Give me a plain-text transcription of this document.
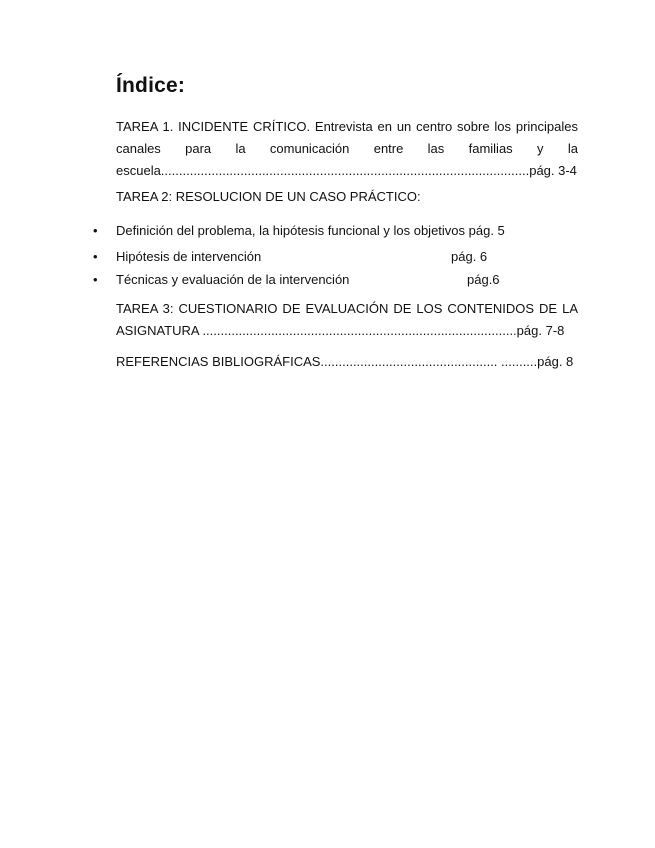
Índice:
TAREA 1. INCIDENTE CRÍTICO. Entrevista en un centro sobre los principales
canales para la comunicación entre las familias y la
escuela......................................................................................................pág. 3-4
TAREA 2: RESOLUCION DE UN CASO PRÁCTICO:
• Definición del problema, la hipótesis funcional y los objetivos pág. 5
• Hipótesis de intervención	pág. 6
• Técnicas y evaluación de la intervención	pág.6
TAREA 3: CUESTIONARIO DE EVALUACIÓN DE LOS CONTENIDOS DE LA
ASIGNATURA .......................................................................................pág. 7-8
REFERENCIAS BIBLIOGRÁFICAS................................................. ..........pág. 8
